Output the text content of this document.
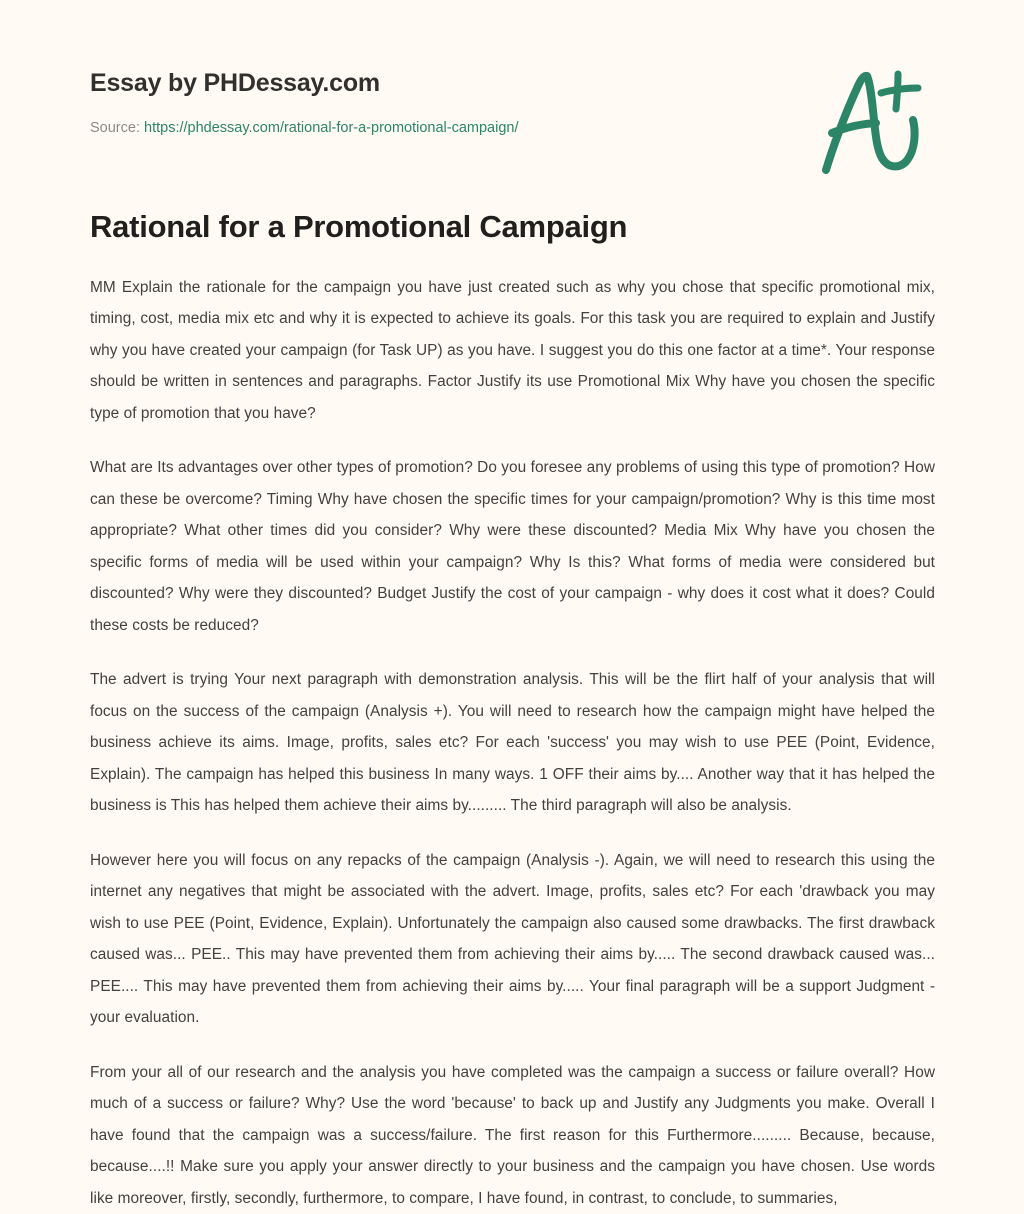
Essay by PHDessay.com
Source: https://phdessay.com/rational-for-a-promotional-campaign/
Rational for a Promotional Campaign

MM Explain the rationale for the campaign you have just created such as why you chose that specific promotional mix, timing, cost, media mix etc and why it is expected to achieve its goals. For this task you are required to explain and Justify why you have created your campaign (for Task UP) as you have. I suggest you do this one factor at a time*. Your response should be written in sentences and paragraphs. Factor Justify its use Promotional Mix Why have you chosen the specific type of promotion that you have?

What are Its advantages over other types of promotion? Do you foresee any problems of using this type of promotion? How can these be overcome? Timing Why have chosen the specific times for your campaign/promotion? Why is this time most appropriate? What other times did you consider? Why were these discounted? Media Mix Why have you chosen the specific forms of media will be used within your campaign? Why Is this? What forms of media were considered but discounted? Why were they discounted? Budget Justify the cost of your campaign - why does it cost what it does? Could these costs be reduced?

The advert is trying Your next paragraph with demonstration analysis. This will be the flirt half of your analysis that will focus on the success of the campaign (Analysis +). You will need to research how the campaign might have helped the business achieve its aims. Image, profits, sales etc? For each 'success' you may wish to use PEE (Point, Evidence, Explain). The campaign has helped this business In many ways. 1 OFF their aims by.... Another way that it has helped the business is This has helped them achieve their aims by......... The third paragraph will also be analysis.

However here you will focus on any repacks of the campaign (Analysis -). Again, we will need to research this using the internet any negatives that might be associated with the advert. Image, profits, sales etc? For each 'drawback you may wish to use PEE (Point, Evidence, Explain). Unfortunately the campaign also caused some drawbacks. The first drawback caused was... PEE.. This may have prevented them from achieving their aims by..... The second drawback caused was... PEE.... This may have prevented them from achieving their aims by..... Your final paragraph will be a support Judgment - your evaluation.

From your all of our research and the analysis you have completed was the campaign a success or failure overall? How much of a success or failure? Why? Use the word 'because' to back up and Justify any Judgments you make. Overall I have found that the campaign was a success/failure. The first reason for this Furthermore......... Because, because, because....!! Make sure you apply your answer directly to your business and the campaign you have chosen. Use words like moreover, firstly, secondly, furthermore, to compare, I have found, in contrast, to conclude, to summaries,
